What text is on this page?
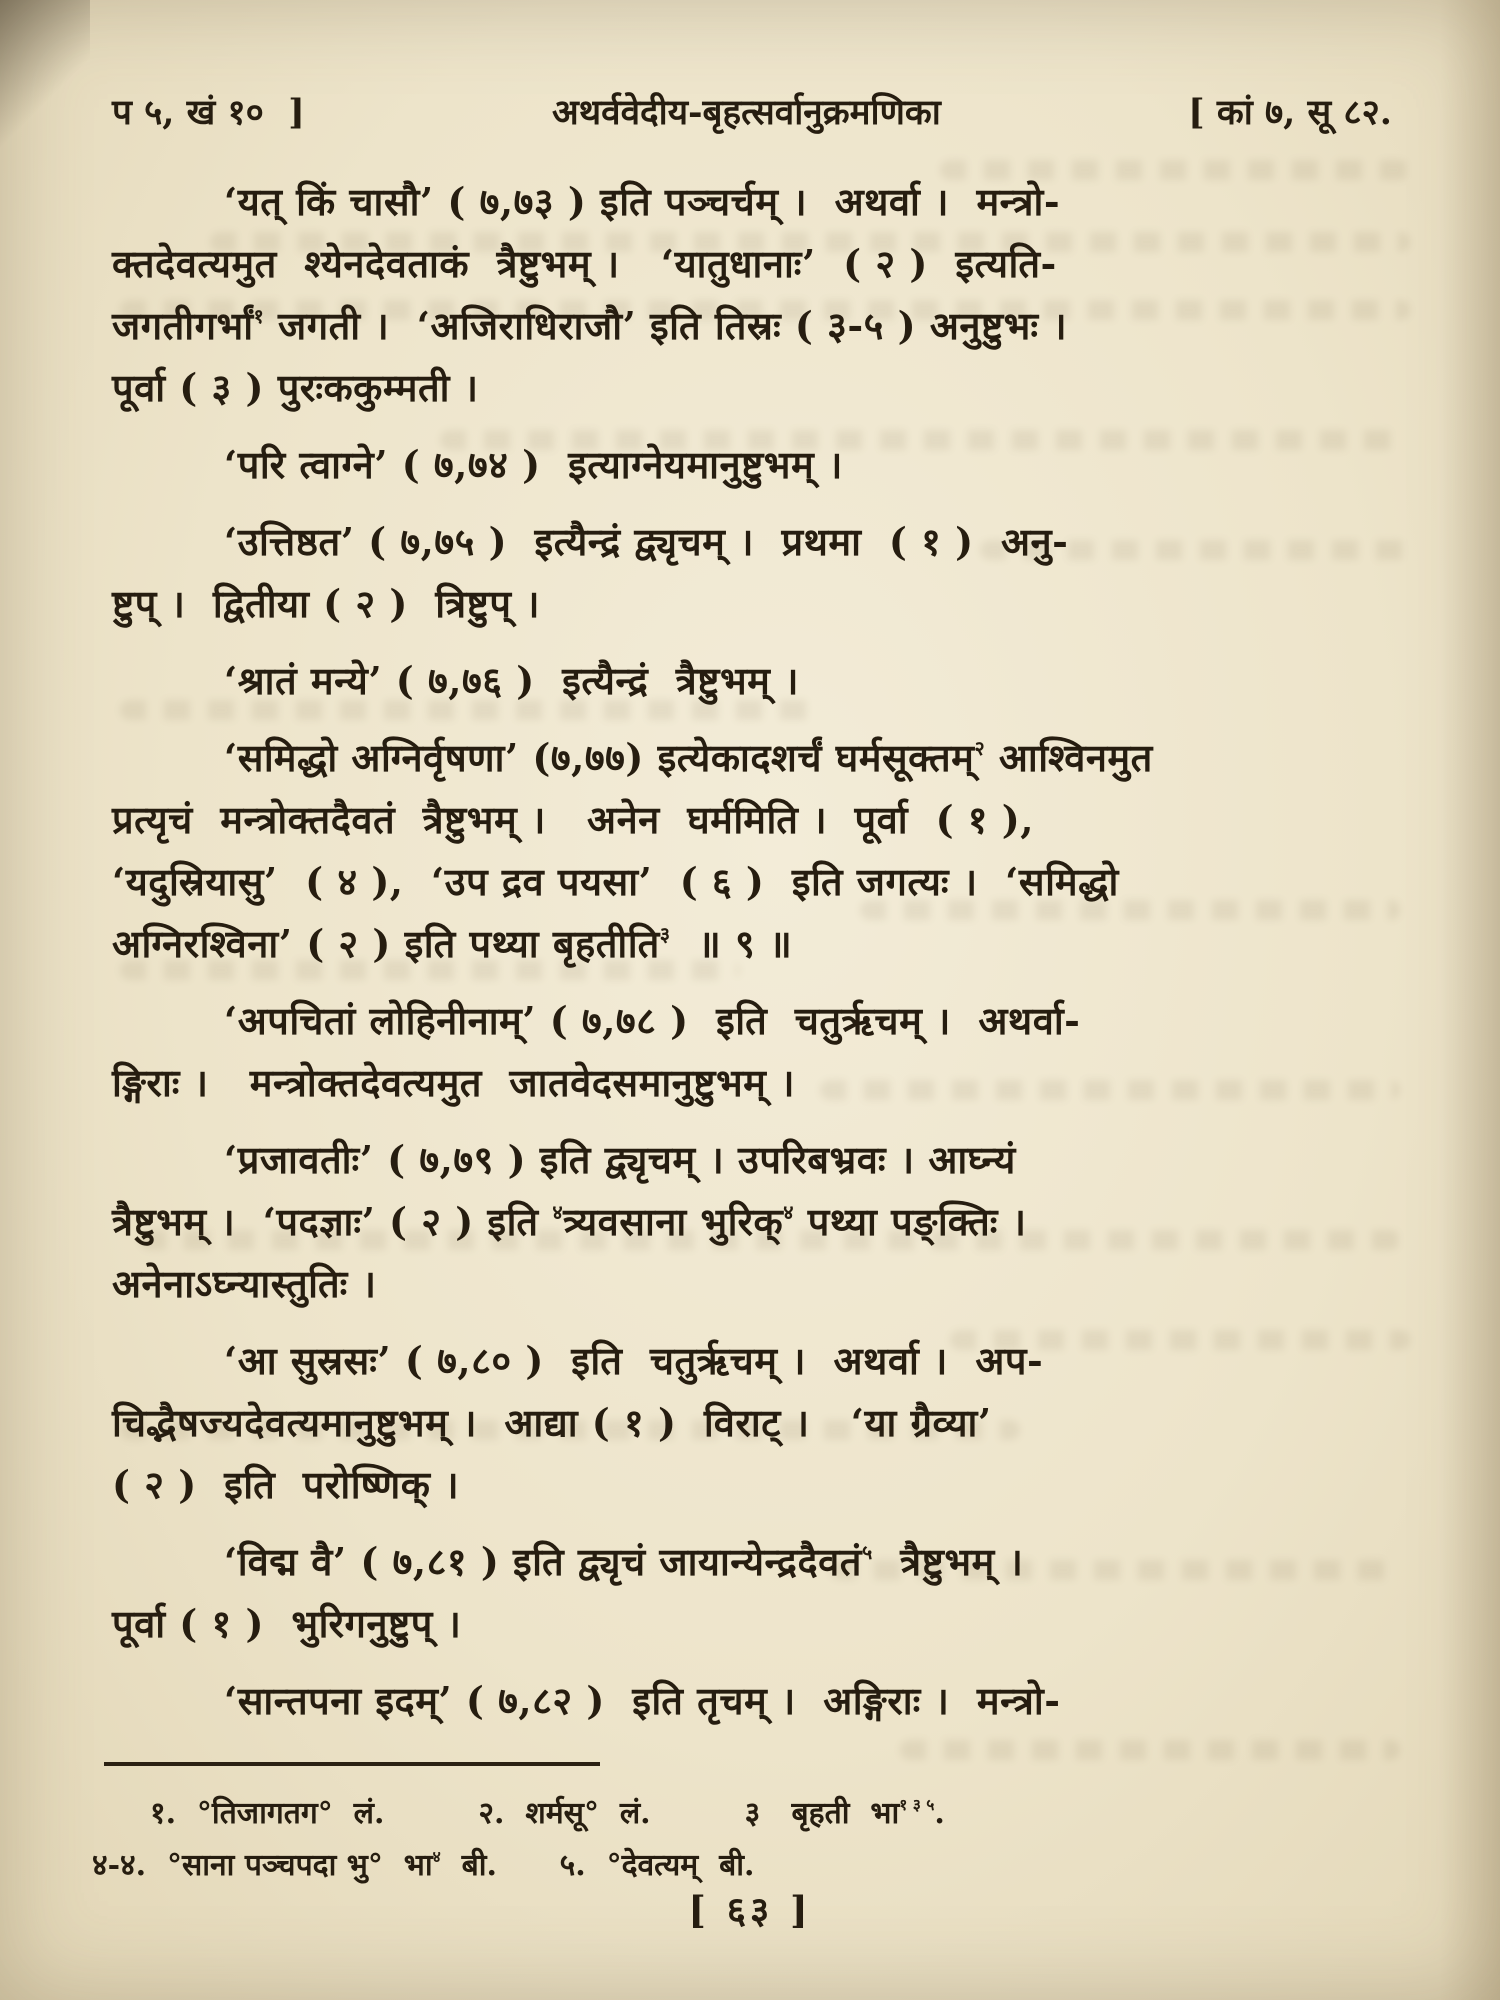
प ५, खं १०  ]	अथर्ववेदीय-बृहत्सर्वानुक्रमणिका	[ कां ७, सू ८२.
‘यत् किं चासौ’ ( ७,७३ ) इति पञ्चर्चम् ।  अथर्वा ।  मन्त्रो-
क्तदेवत्यमुत  श्येनदेवताकं  त्रैष्टुभम् ।   ‘यातुधानाः’  ( २ )  इत्यति-
जगतीगर्भां$^१$ जगती ।  ‘अजिराधिराजौ’ इति तिस्रः ( ३-५ ) अनुष्टुभः ।
पूर्वा ( ३ ) पुरःककुम्मती ।
‘परि त्वाग्ने’ ( ७,७४ )  इत्याग्नेयमानुष्टुभम् ।
‘उत्तिष्ठत’ ( ७,७५ )  इत्यैन्द्रं द्व्यृचम् ।  प्रथमा  ( १ )  अनु-
ष्टुप् ।  द्वितीया ( २ )  त्रिष्टुप् ।
‘श्रातं मन्ये’ ( ७,७६ )  इत्यैन्द्रं  त्रैष्टुभम् ।
‘समिद्धो अग्निर्वृषणा’ (७,७७) इत्येकादशर्चं घर्मसूक्तम्$^२$ आश्विनमुत
प्रत्यृचं  मन्त्रोक्तदैवतं  त्रैष्टुभम् ।   अनेन  घर्ममिति ।  पूर्वा  ( १ ),
‘यदुस्रियासु’  ( ४ ),  ‘उप द्रव पयसा’  ( ६ )  इति जगत्यः ।  ‘समिद्धो
अग्निरश्विना’ ( २ ) इति पथ्या बृहतीति$^३$  ॥ ९ ॥
‘अपचितां लोहिनीनाम्’ ( ७,७८ )  इति  चतुर्ऋचम् ।  अथर्वा-
ङ्गिराः ।   मन्त्रोक्तदेवत्यमुत  जातवेदसमानुष्टुभम् ।
‘प्रजावतीः’ ( ७,७९ ) इति द्व्यृचम् । उपरिबभ्रवः । आघ्न्यं
त्रैष्टुभम् ।  ‘पदज्ञाः’ ( २ ) इति $^४$त्र्यवसाना भुरिक्$^४$ पथ्या पङ्क्तिः ।
अनेनाऽघ्न्यास्तुतिः ।
‘आ सुस्रसः’ ( ७,८० )  इति  चतुर्ऋचम् ।  अथर्वा ।  अप-
चिद्भैषज्यदेवत्यमानुष्टुभम् ।  आद्या ( १ )  विराट् ।   ‘या ग्रैव्या’
( २ )  इति  परोष्णिक् ।
‘विद्म वै’ ( ७,८१ ) इति द्व्यृचं जायान्येन्द्रदैवतं$^५$  त्रैष्टुभम् ।
पूर्वा ( १ )  भुरिगनुष्टुप् ।
‘सान्तपना इदम्’ ( ७,८२ )  इति तृचम् ।  अङ्गिराः ।  मन्त्रो-
१.  °तिजागतग°  लं.         २.  शर्मसू°  लं.         ३   बृहती  भा$^{१ ३ ५}$.
४-४.  °साना पञ्चपदा भु°  भा$^४$  बी.      ५.  °देवत्यम्  बी.
[ ६३ ]
